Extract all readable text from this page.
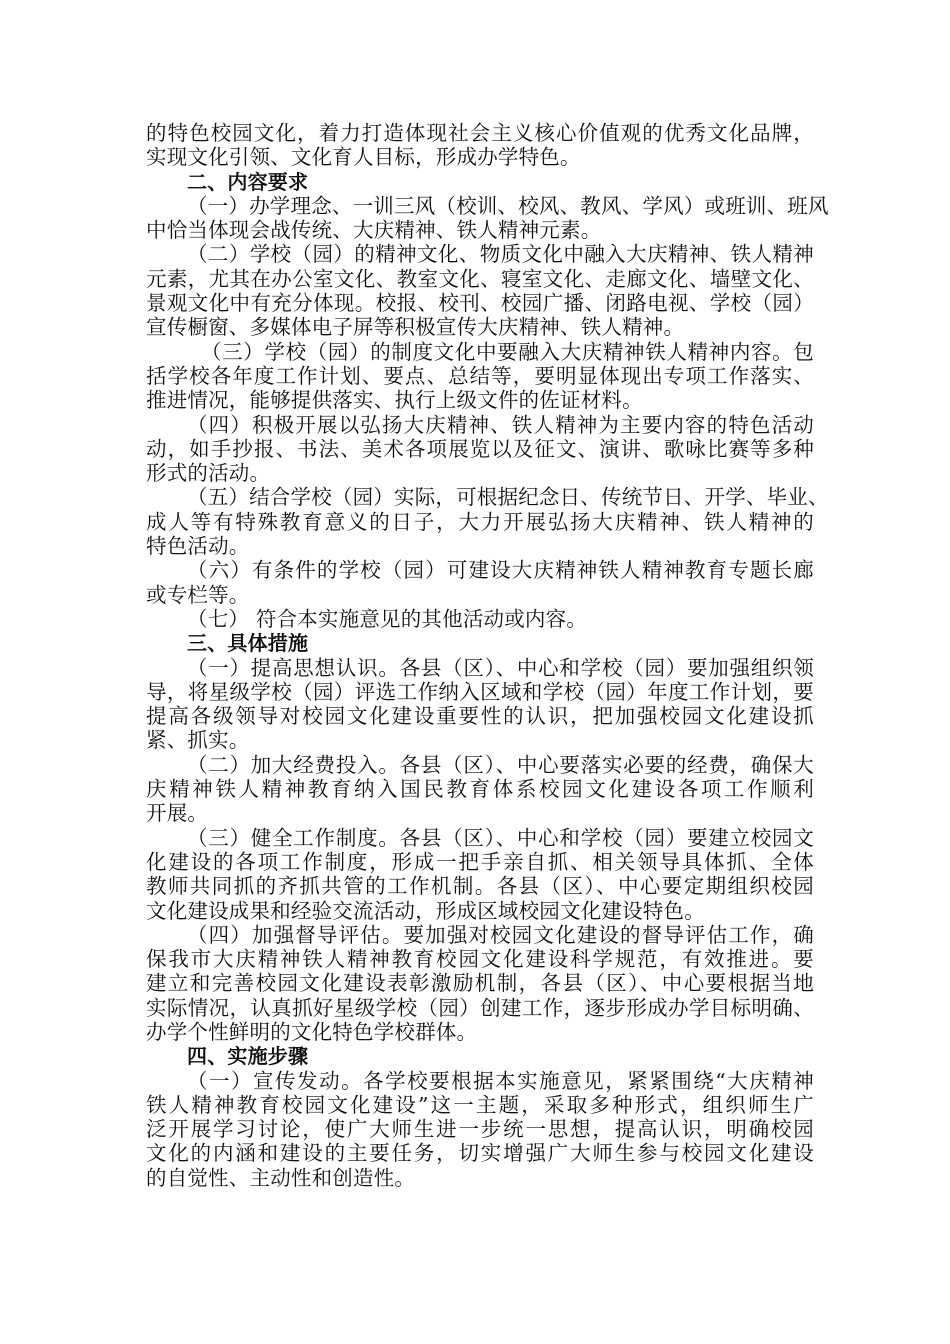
的特色校园文化，着力打造体现社会主义核心价值观的优秀文化品牌，
实现文化引领、文化育人目标，形成办学特色。
二、内容要求
（一）办学理念、一训三风（校训、校风、教风、学风）或班训、班风
中恰当体现会战传统、大庆精神、铁人精神元素。
（二）学校（园）的精神文化、物质文化中融入大庆精神、铁人精神
元素，尤其在办公室文化、教室文化、寝室文化、走廊文化、墙壁文化、
景观文化中有充分体现。校报、校刊、校园广播、闭路电视、学校（园）
宣传橱窗、多媒体电子屏等积极宣传大庆精神、铁人精神。
（三）学校（园）的制度文化中要融入大庆精神铁人精神内容。包
括学校各年度工作计划、要点、总结等，要明显体现出专项工作落实、
推进情况，能够提供落实、执行上级文件的佐证材料。
（四）积极开展以弘扬大庆精神、铁人精神为主要内容的特色活动
动，如手抄报、书法、美术各项展览以及征文、演讲、歌咏比赛等多种
形式的活动。
（五）结合学校（园）实际，可根据纪念日、传统节日、开学、毕业、
成人等有特殊教育意义的日子，大力开展弘扬大庆精神、铁人精神的
特色活动。
（六）有条件的学校（园）可建设大庆精神铁人精神教育专题长廊
或专栏等。
（七） 符合本实施意见的其他活动或内容。
三、具体措施
（一）提高思想认识。各县（区）、中心和学校（园）要加强组织领
导，将星级学校（园）评选工作纳入区域和学校（园）年度工作计划，要
提高各级领导对校园文化建设重要性的认识，把加强校园文化建设抓
紧、抓实。
（二）加大经费投入。各县（区）、中心要落实必要的经费，确保大
庆精神铁人精神教育纳入国民教育体系校园文化建设各项工作顺利
开展。
（三）健全工作制度。各县（区）、中心和学校（园）要建立校园文
化建设的各项工作制度，形成一把手亲自抓、相关领导具体抓、全体
教师共同抓的齐抓共管的工作机制。各县（区）、中心要定期组织校园
文化建设成果和经验交流活动，形成区域校园文化建设特色。
（四）加强督导评估。要加强对校园文化建设的督导评估工作，确
保我市大庆精神铁人精神教育校园文化建设科学规范，有效推进。要
建立和完善校园文化建设表彰激励机制，各县（区）、中心要根据当地
实际情况，认真抓好星级学校（园）创建工作，逐步形成办学目标明确、
办学个性鲜明的文化特色学校群体。
四、实施步骤
（一）宣传发动。各学校要根据本实施意见，紧紧围绕“大庆精神
铁人精神教育校园文化建设”这一主题，采取多种形式，组织师生广
泛开展学习讨论，使广大师生进一步统一思想，提高认识，明确校园
文化的内涵和建设的主要任务，切实增强广大师生参与校园文化建设
的自觉性、主动性和创造性。
